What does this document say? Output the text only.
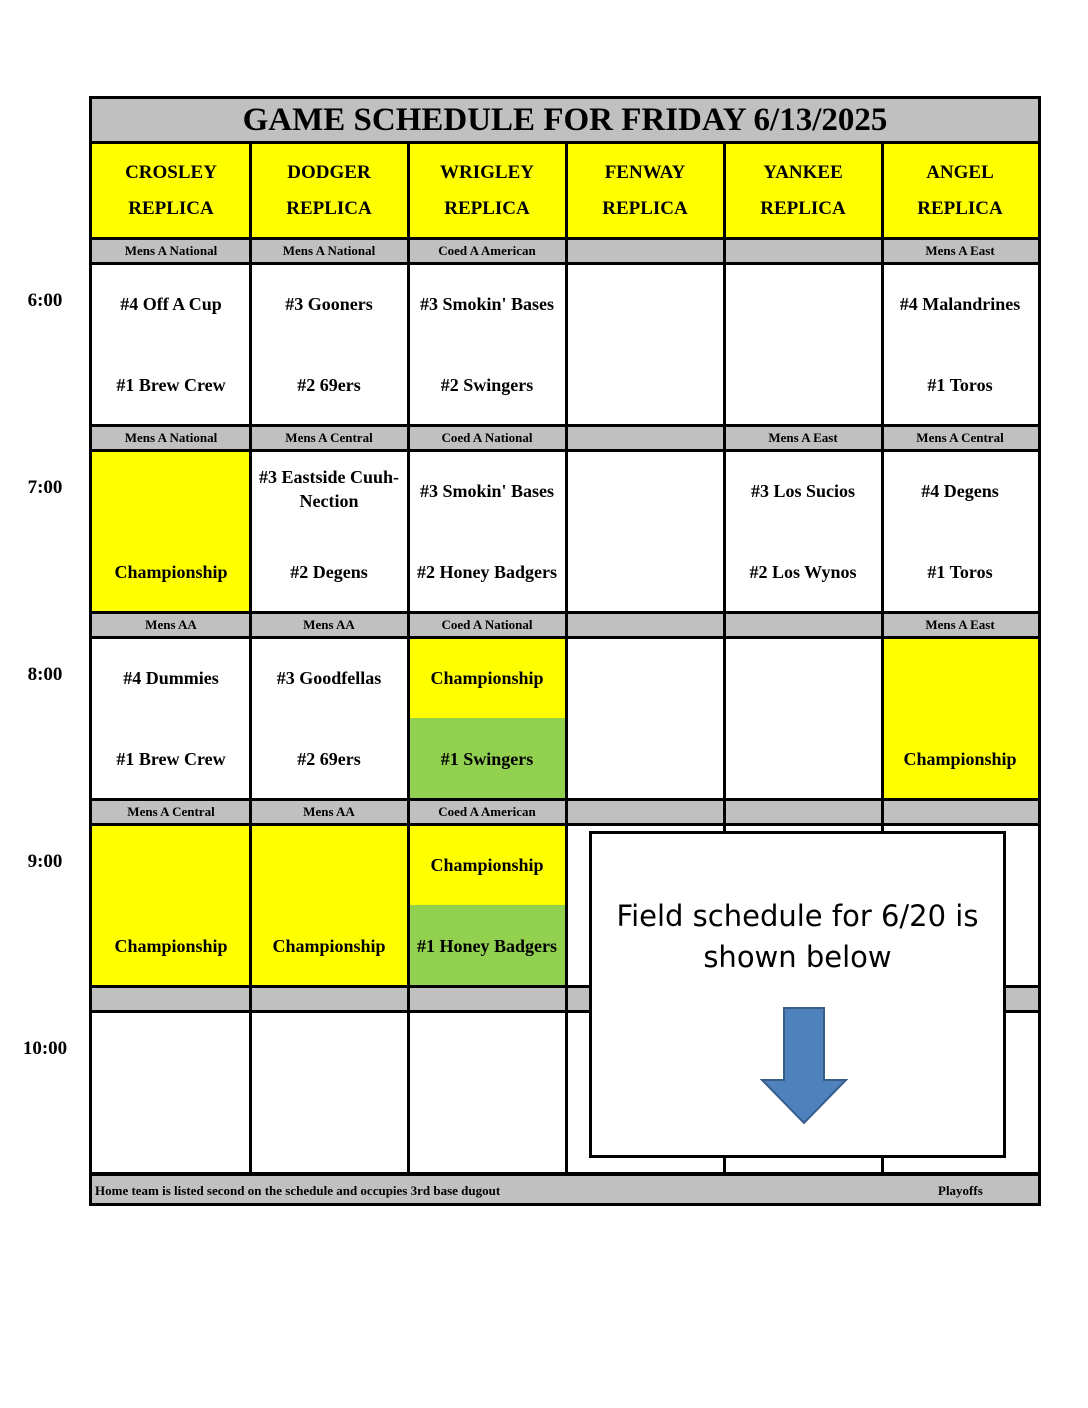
GAME SCHEDULE FOR FRIDAY 6/13/2025
CROSLEY
REPLICA
DODGER
REPLICA
WRIGLEY
REPLICA
FENWAY
REPLICA
YANKEE
REPLICA
ANGEL
REPLICA
Mens A National
#4 Off A Cup
#1 Brew Crew
Mens A National
#3 Gooners
#2 69ers
Coed A American
#3 Smokin' Bases
#2 Swingers
Mens A East
#4 Malandrines
#1 Toros
Mens A National
Championship
Mens A Central
#3 Eastside Cuuh-Nection
#2 Degens
Coed A National
#3 Smokin' Bases
#2 Honey Badgers
Mens A East
#3 Los Sucios
#2 Los Wynos
Mens A Central
#4 Degens
#1 Toros
Mens AA
#4 Dummies
#1 Brew Crew
Mens AA
#3 Goodfellas
#2 69ers
Coed A National
Championship
#1 Swingers
Mens A East
Championship
Mens A Central
Championship
Mens AA
Championship
Coed A American
Championship
#1 Honey Badgers
Home team is listed second on the schedule and occupies 3rd base dugout	Playoffs
6:00
7:00
8:00
9:00
10:00
Field schedule for 6/20 is
shown below
